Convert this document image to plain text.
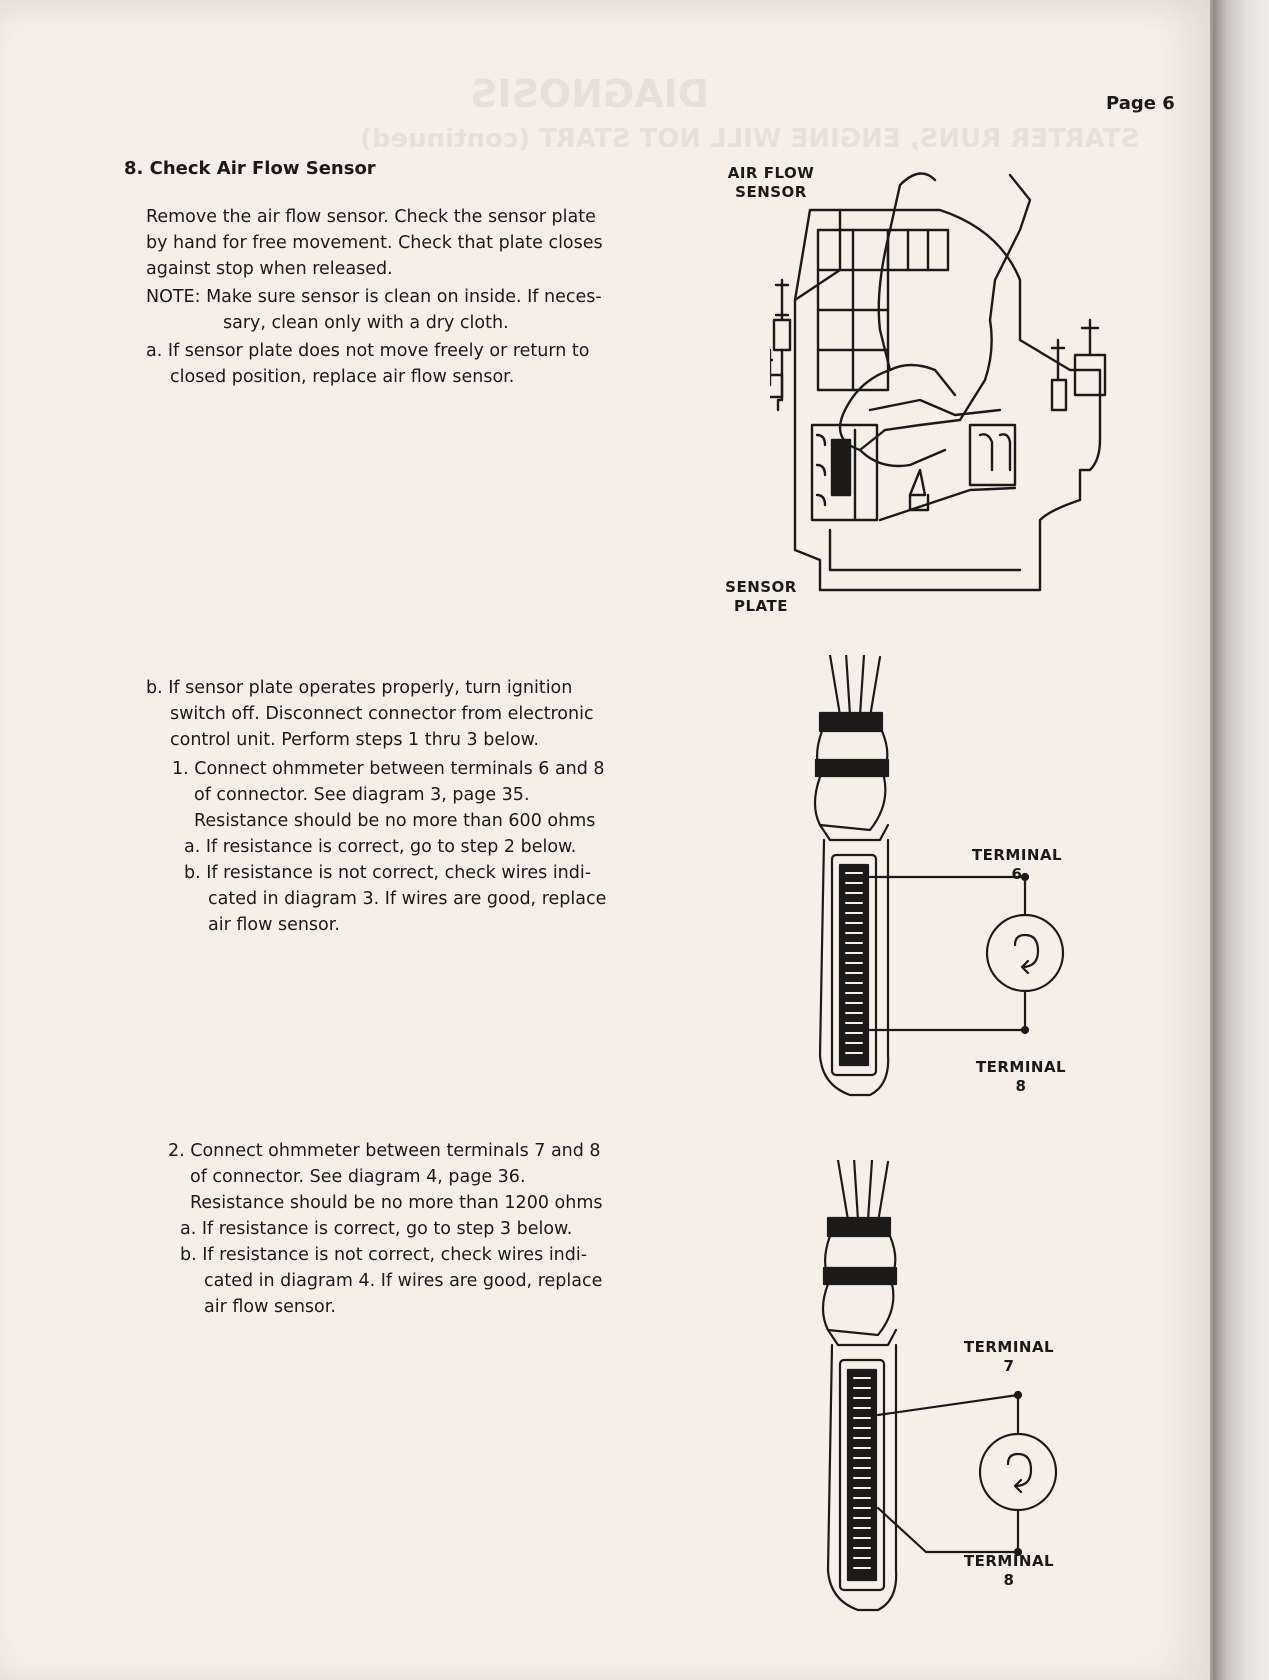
DIAGNOSIS
STARTER RUNS, ENGINE WILL NOT START (continued)
Page 6
8. Check Air Flow Sensor

Remove the air flow sensor. Check the sensor plate
by hand for free movement. Check that plate closes
against stop when released.

NOTE: Make sure sensor is clean on inside. If neces-
sary, clean only with a dry cloth.

a. If sensor plate does not move freely or return to
closed position, replace air flow sensor.

b. If sensor plate operates properly, turn ignition
switch off. Disconnect connector from electronic
control unit. Perform steps 1 thru 3 below.

1. Connect ohmmeter between terminals 6 and 8
of connector. See diagram 3, page 35.
Resistance should be no more than 600 ohms
a. If resistance is correct, go to step 2 below.
b. If resistance is not correct, check wires indi-
cated in diagram 3. If wires are good, replace
air flow sensor.

2. Connect ohmmeter between terminals 7 and 8
of connector. See diagram 4, page 36.
Resistance should be no more than 1200 ohms
a. If resistance is correct, go to step 3 below.
b. If resistance is not correct, check wires indi-
cated in diagram 4. If wires are good, replace
air flow sensor.

AIR FLOW
SENSOR
SENSOR
PLATE
TERMINAL
6
TERMINAL
8
TERMINAL
7
TERMINAL
8
